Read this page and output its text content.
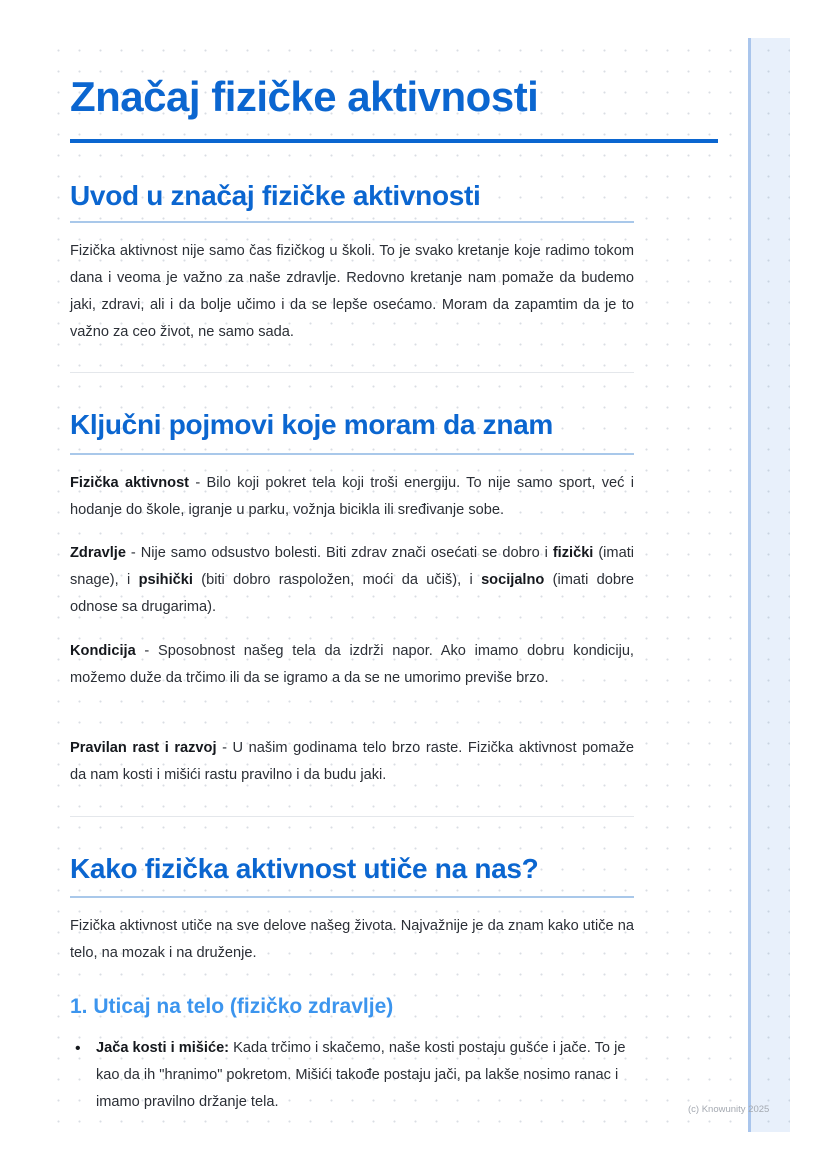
Značaj fizičke aktivnosti
Uvod u značaj fizičke aktivnosti

Fizička aktivnost nije samo čas fizičkog u školi. To je svako kretanje koje radimo tokom dana i veoma je važno za naše zdravlje. Redovno kretanje nam pomaže da budemo jaki, zdravi, ali i da bolje učimo i da se lepše osećamo. Moram da zapamtim da je to važno za ceo život, ne samo sada.

Ključni pojmovi koje moram da znam
Fizička aktivnost - Bilo koji pokret tela koji troši energiju. To nije samo sport, već i hodanje do škole, igranje u parku, vožnja bicikla ili sređivanje sobe.
Zdravlje - Nije samo odsustvo bolesti. Biti zdrav znači osećati se dobro i fizički (imati snage), i psihički (biti dobro raspoložen, moći da učiš), i socijalno (imati dobre odnose sa drugarima).
Kondicija - Sposobnost našeg tela da izdrži napor. Ako imamo dobru kondiciju, možemo duže da trčimo ili da se igramo a da se ne umorimo previše brzo.
Pravilan rast i razvoj - U našim godinama telo brzo raste. Fizička aktivnost pomaže da nam kosti i mišići rastu pravilno i da budu jaki.
Kako fizička aktivnost utiče na nas?

Fizička aktivnost utiče na sve delove našeg života. Najvažnije je da znam kako utiče na telo, na mozak i na druženje.

1. Uticaj na telo (fizičko zdravlje)
• Jača kosti i mišiće: Kada trčimo i skačemo, naše kosti postaju gušće i jače. To je kao da ih "hranimo" pokretom. Mišići takođe postaju jači, pa lakše nosimo ranac i imamo pravilno držanje tela.	(c) Knowunity 2025
